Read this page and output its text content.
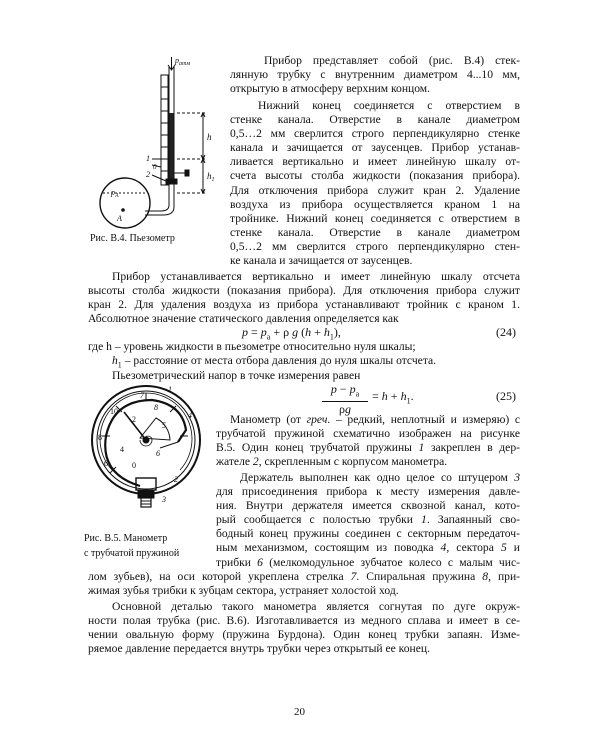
$p_{атм}$
h
$h_1$
1
2
0
$p_A$
A
Рис. В.4. Пьезометр
Прибор представляет собой (рис. В.4) стек-
лянную трубку с внутренним диаметром 4...10 мм,
открытую в атмосферу верхним концом.
Нижний конец соединяется с отверстием в
стенке канала. Отверстие в канале диаметром
0,5…2 мм сверлится строго перпендикулярно стенке
канала и зачищается от заусенцев. Прибор устанав-
ливается вертикально и имеет линейную шкалу от-
счета высоты столба жидкости (показания прибора).
Для отключения прибора служит кран 2. Удаление
воздуха из прибора осуществляется краном 1 на
тройнике. Нижний конец соединяется с отверстием в
стенке канала. Отверстие в канале диаметром
0,5…2 мм сверлится строго перпендикулярно стен-
ке канала и зачищается от заусенцев.
Прибор устанавливается вертикально и имеет линейную шкалу отсчета
высоты столба жидкости (показания прибора). Для отключения прибора служит
кран 2. Для удаления воздуха из прибора устанавливают тройник с краном 1.
Абсолютное значение статического давления определяется как
$p = p_а + \rho$ g $(h + h_1)$,	(24)
где h – уровень жидкости в пьезометре относительно нуля шкалы;
$h_1$ – расстояние от места отбора давления до нуля шкалы отсчета.
Пьезометрический напор в точке измерения равен
$p - p_а$
ρg
= $h + h_1$.	(25)
10
8
6
4
2
0
1
2
3
4
5
6
7
8
Рис. В.5. Манометр
с трубчатой пружиной
Манометр (от греч. – редкий, неплотный и измеряю) с
трубчатой пружиной схематично изображен на рисунке
В.5. Один конец трубчатой пружины 1 закреплен в дер-
жателе 2, скрепленным с корпусом манометра.
Держатель выполнен как одно целое со штуцером 3
для присоединения прибора к месту измерения давле-
ния. Внутри держателя имеется сквозной канал, кото-
рый сообщается с полостью трубки 1. Запаянный сво-
бодный конец пружины соединен с секторным передаточ-
ным механизмом, состоящим из поводка 4, сектора 5 и
трибки 6 (мелкомодульное зубчатое колесо с малым чис-
лом зубьев), на оси которой укреплена стрелка 7. Спиральная пружина 8, при-
жимая зубья трибки к зубцам сектора, устраняет холостой ход.
Основной деталью такого манометра является согнутая по дуге окруж-
ности полая трубка (рис. В.6). Изготавливается из медного сплава и имеет в се-
чении овальную форму (пружина Бурдона). Один конец трубки запаян. Изме-
ряемое давление передается внутрь трубки через открытый ее конец.
20
